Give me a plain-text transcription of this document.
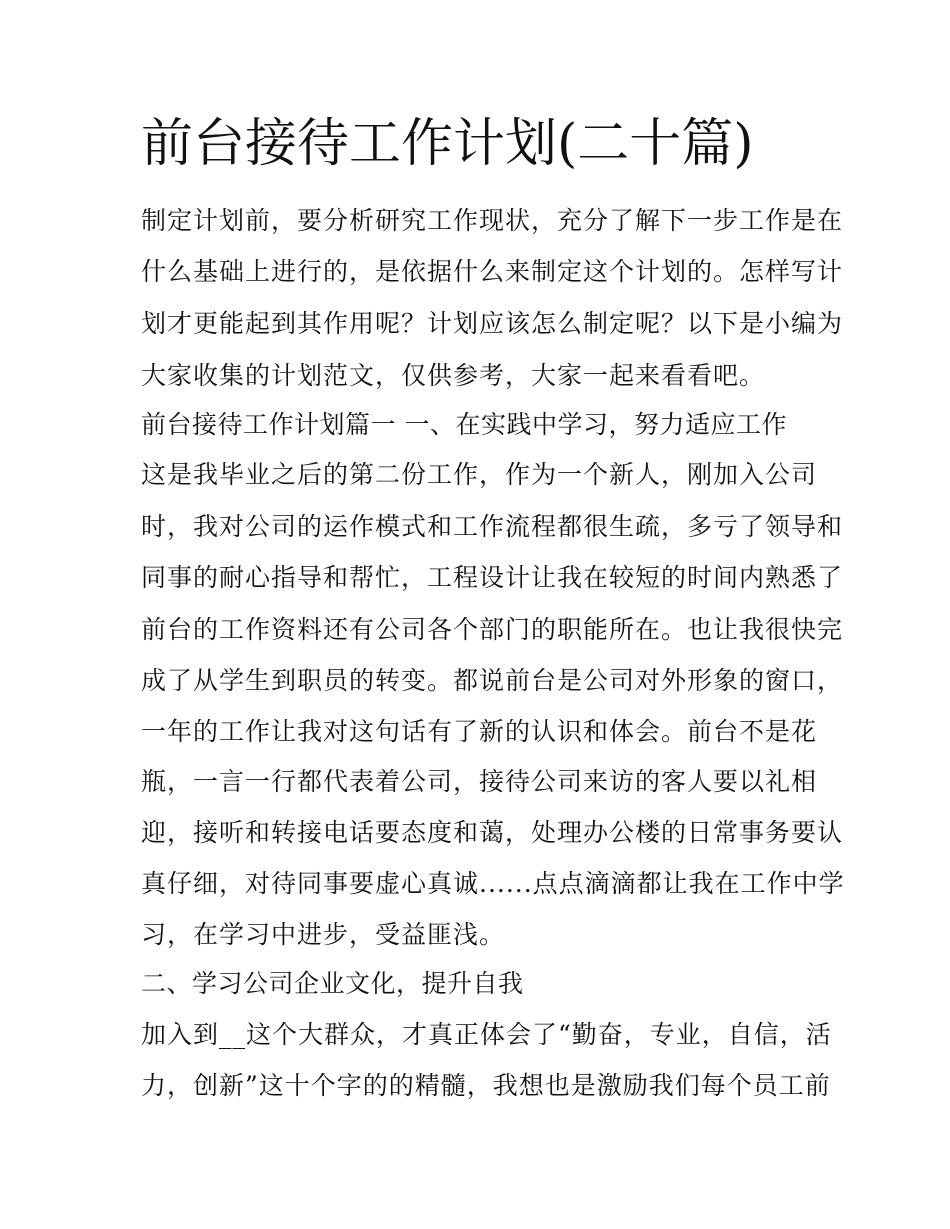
前台接待工作计划(二十篇)
制定计划前，要分析研究工作现状，充分了解下一步工作是在
什么基础上进行的，是依据什么来制定这个计划的。怎样写计
划才更能起到其作用呢？计划应该怎么制定呢？以下是小编为
大家收集的计划范文，仅供参考，大家一起来看看吧。
前台接待工作计划篇一 一、在实践中学习，努力适应工作
这是我毕业之后的第二份工作，作为一个新人，刚加入公司
时，我对公司的运作模式和工作流程都很生疏，多亏了领导和
同事的耐心指导和帮忙，工程设计让我在较短的时间内熟悉了
前台的工作资料还有公司各个部门的职能所在。也让我很快完
成了从学生到职员的转变。都说前台是公司对外形象的窗口，
一年的工作让我对这句话有了新的认识和体会。前台不是花
瓶，一言一行都代表着公司，接待公司来访的客人要以礼相
迎，接听和转接电话要态度和蔼，处理办公楼的日常事务要认
真仔细，对待同事要虚心真诚......点点滴滴都让我在工作中学
习，在学习中进步，受益匪浅。
二、学习公司企业文化，提升自我
加入到__这个大群众，才真正体会了“勤奋，专业，自信，活
力，创新”这十个字的的精髓，我想也是激励我们每个员工前
